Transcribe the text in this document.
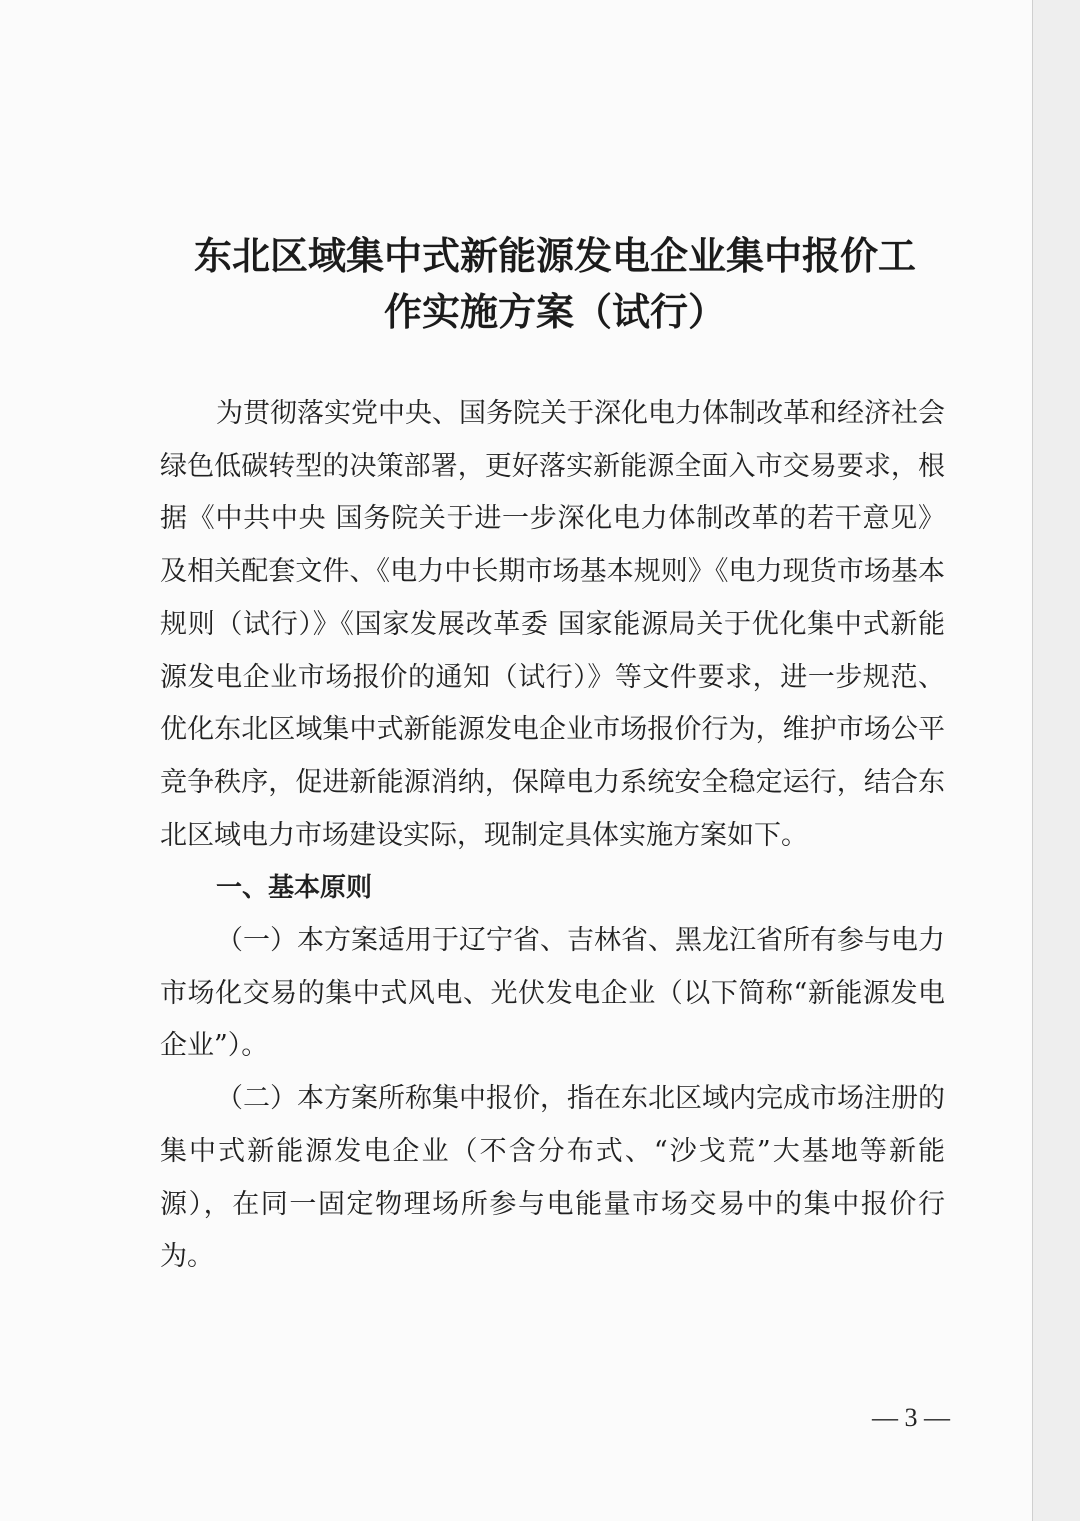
东北区域集中式新能源发电企业集中报价工
作实施方案（试行）

为贯彻落实党中央、国务院关于深化电力体制改革和经济社会绿色低碳转型的决策部署，更好落实新能源全面入市交易要求，根据《中共中央 国务院关于进一步深化电力体制改革的若干意见》及相关配套文件、《电力中长期市场基本规则》《电力现货市场基本规则（试行）》《国家发展改革委 国家能源局关于优化集中式新能源发电企业市场报价的通知（试行）》等文件要求，进一步规范、优化东北区域集中式新能源发电企业市场报价行为，维护市场公平竞争秩序，促进新能源消纳，保障电力系统安全稳定运行，结合东北区域电力市场建设实际，现制定具体实施方案如下。

一、基本原则

（一）本方案适用于辽宁省、吉林省、黑龙江省所有参与电力市场化交易的集中式风电、光伏发电企业（以下简称“新能源发电企业”）。

（二）本方案所称集中报价，指在东北区域内完成市场注册的集中式新能源发电企业（不含分布式、“沙戈荒”大基地等新能源），在同一固定物理场所参与电能量市场交易中的集中报价行为。

— 3 —
